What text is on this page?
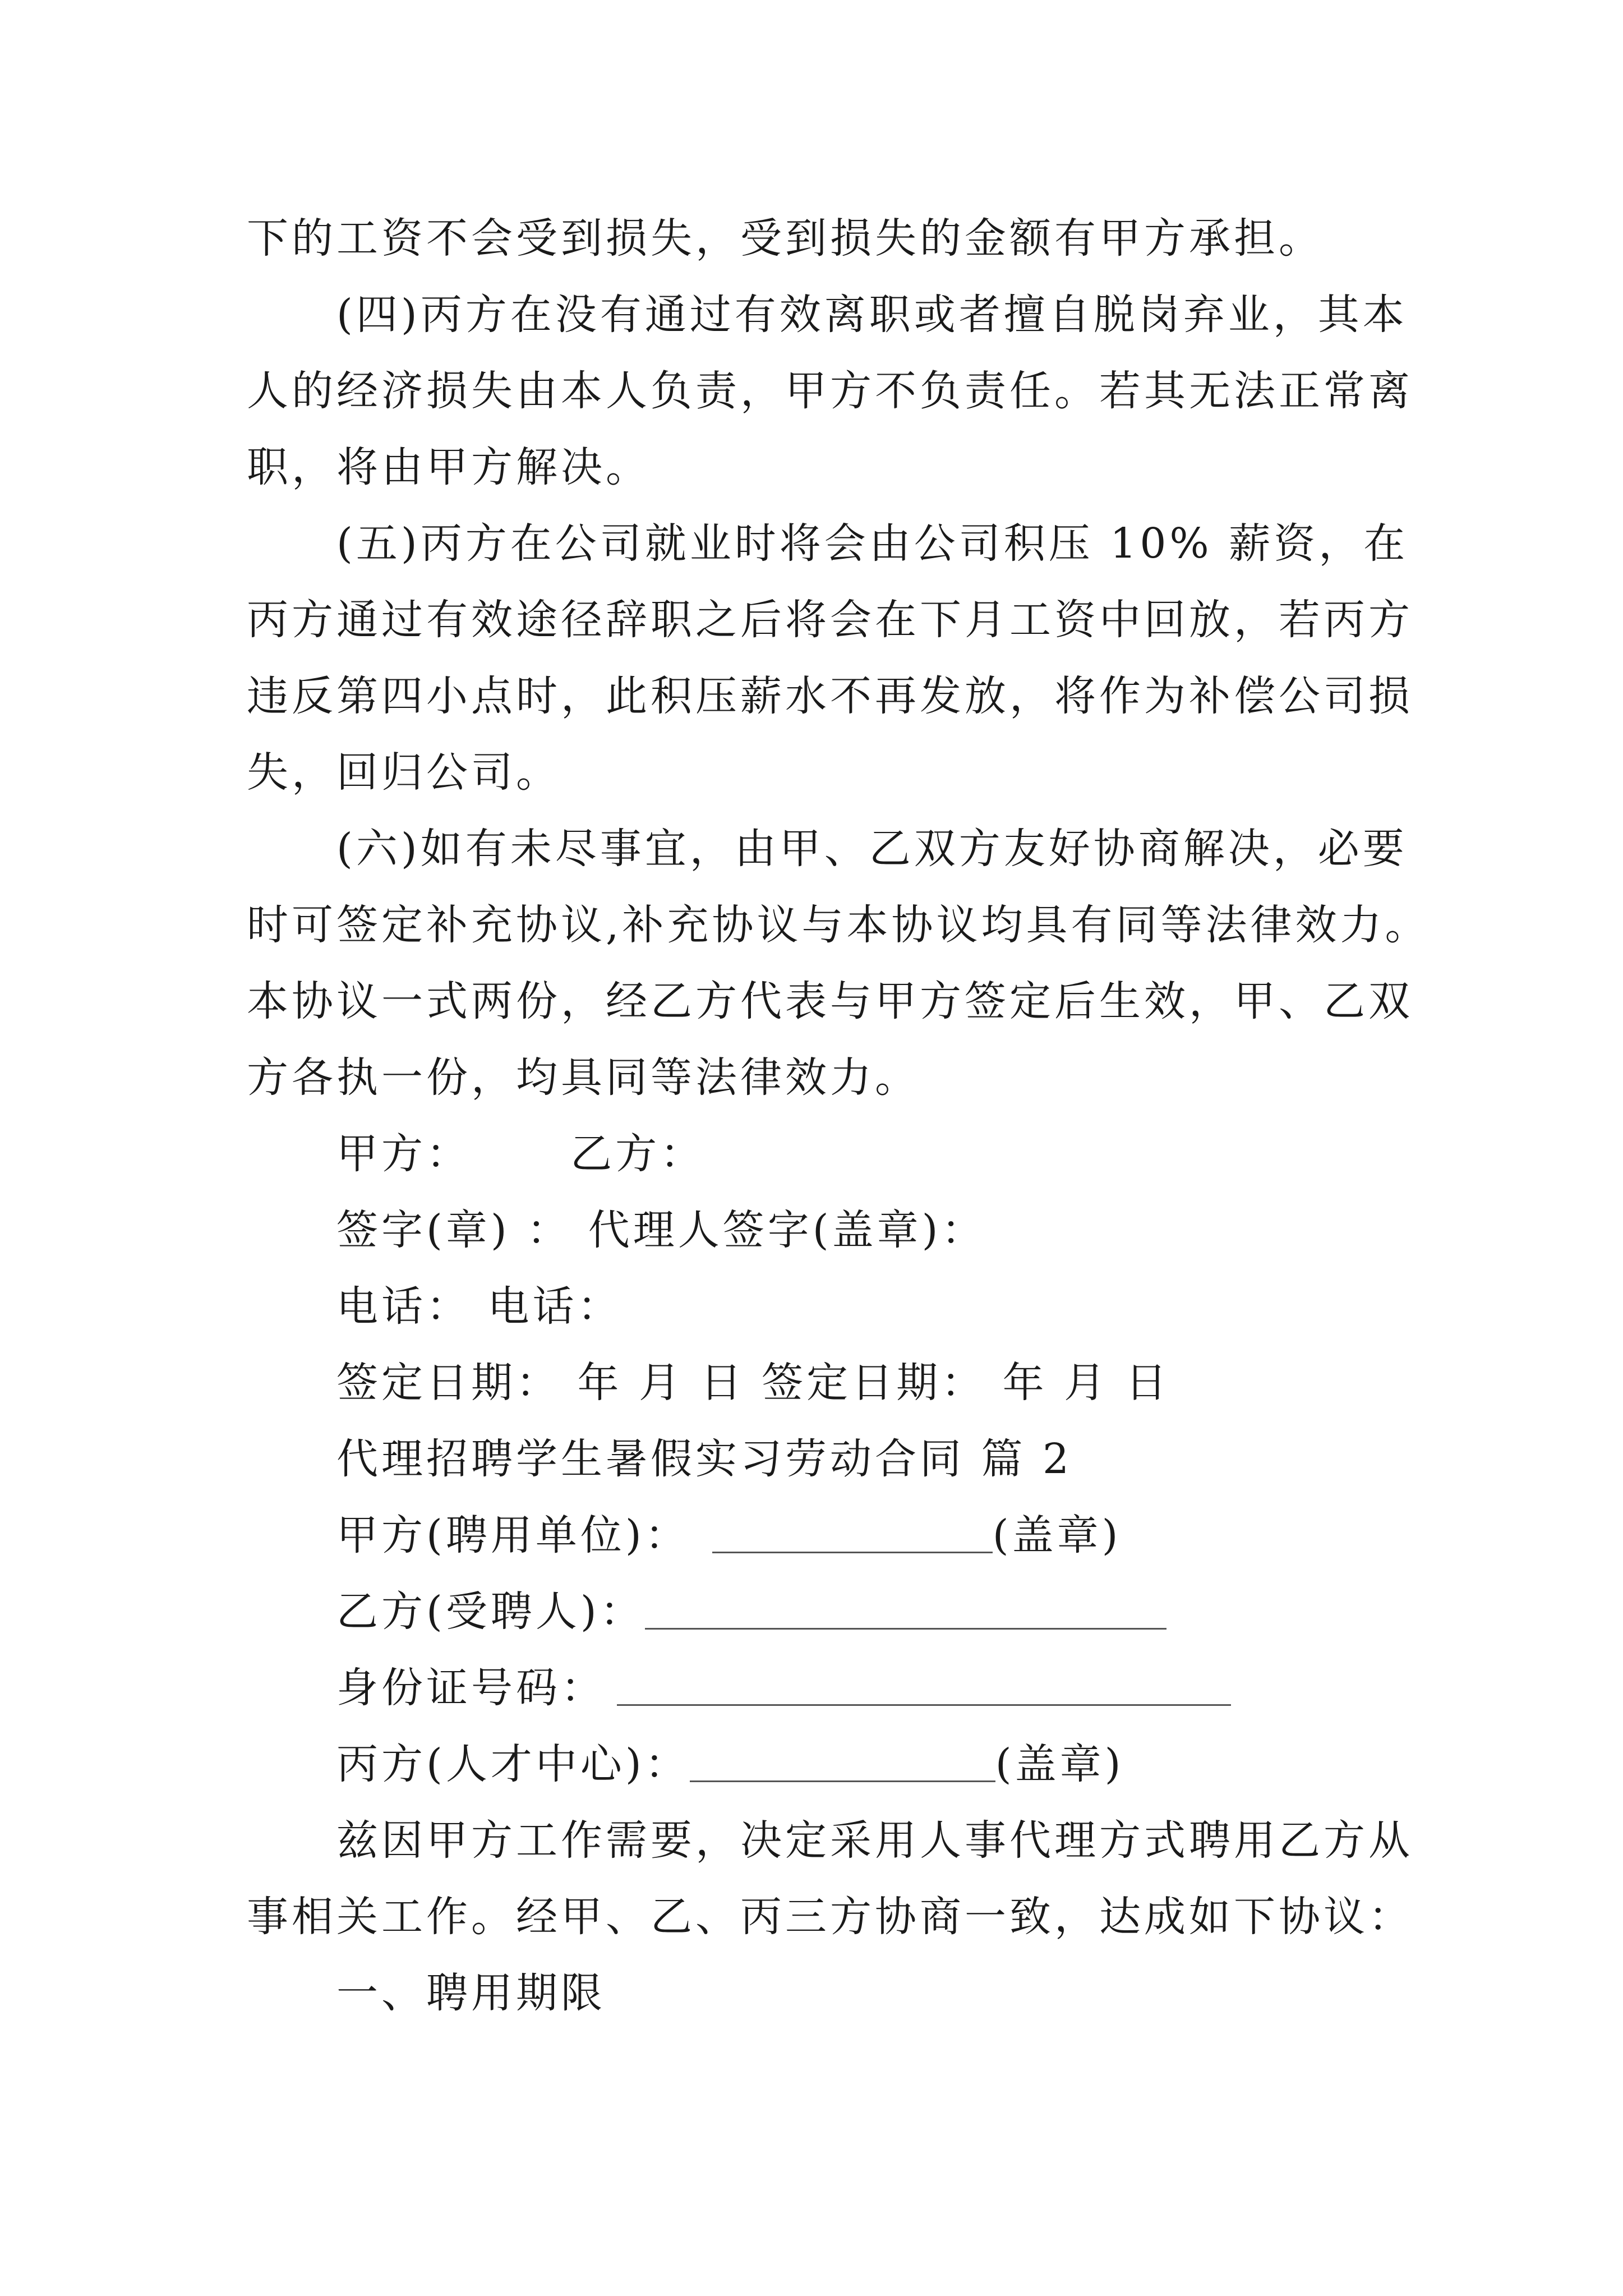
下的工资不会受到损失，受到损失的金额有甲方承担。
(四)丙方在没有通过有效离职或者擅自脱岗弃业，其本
人的经济损失由本人负责，甲方不负责任。若其无法正常离
职，将由甲方解决。
(五)丙方在公司就业时将会由公司积压 10% 薪资，在
丙方通过有效途径辞职之后将会在下月工资中回放，若丙方
违反第四小点时，此积压薪水不再发放，将作为补偿公司损
失，回归公司。
(六)如有未尽事宜，由甲、乙双方友好协商解决，必要
时可签定补充协议,补充协议与本协议均具有同等法律效力。
本协议一式两份，经乙方代表与甲方签定后生效，甲、乙双
方各执一份，均具同等法律效力。
甲方：      乙方：
签字(章) ： 代理人签字(盖章)：
电话： 电话：
签定日期： 年 月 日 签定日期： 年 月 日
代理招聘学生暑假实习劳动合同 篇 2
甲方(聘用单位)：	(盖章)
乙方(受聘人)：
身份证号码：
丙方(人才中心)：	(盖章)
兹因甲方工作需要，决定采用人事代理方式聘用乙方从
事相关工作。经甲、乙、丙三方协商一致，达成如下协议：
一、聘用期限
